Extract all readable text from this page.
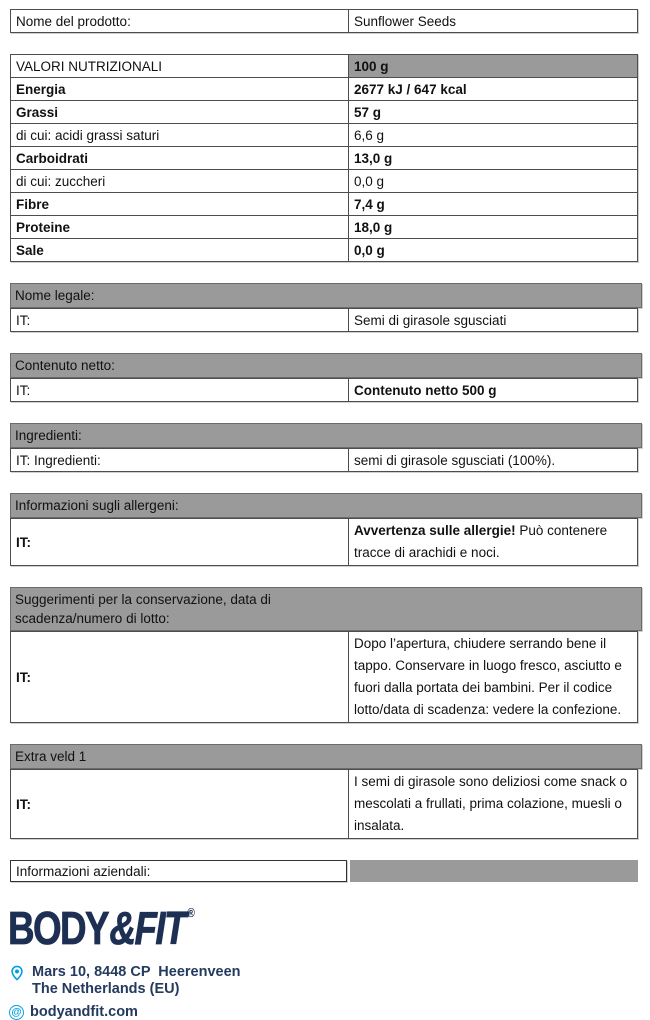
Nome del prodotto:	Sunflower Seeds
VALORI NUTRIZIONALI	100 g
Energia	2677 kJ / 647 kcal
Grassi	57 g
di cui: acidi grassi saturi	6,6 g
Carboidrati	13,0 g
di cui: zuccheri	0,0 g
Fibre	7,4 g
Proteine	18,0 g
Sale	0,0 g
Nome legale:
IT:	Semi di girasole sgusciati
Contenuto netto:
IT:	Contenuto netto 500 g
Ingredienti:
IT: Ingredienti:	semi di girasole sgusciati (100%).
Informazioni sugli allergeni:
IT:	Avvertenza sulle allergie! Può contenere tracce di arachidi e noci.
Suggerimenti per la conservazione, data di scadenza/numero di lotto:
IT:	Dopo l’apertura, chiudere serrando bene il tappo. Conservare in luogo fresco, asciutto e fuori dalla portata dei bambini. Per il codice lotto/data di scadenza: vedere la confezione.
Extra veld 1
IT:	I semi di girasole sono deliziosi come snack o mescolati a frullati, prima colazione, muesli o insalata.
Informazioni aziendali:
BODY &FIT ®
Mars 10, 8448 CP  Heerenveen
The Netherlands (EU)
@ bodyandfit.com
